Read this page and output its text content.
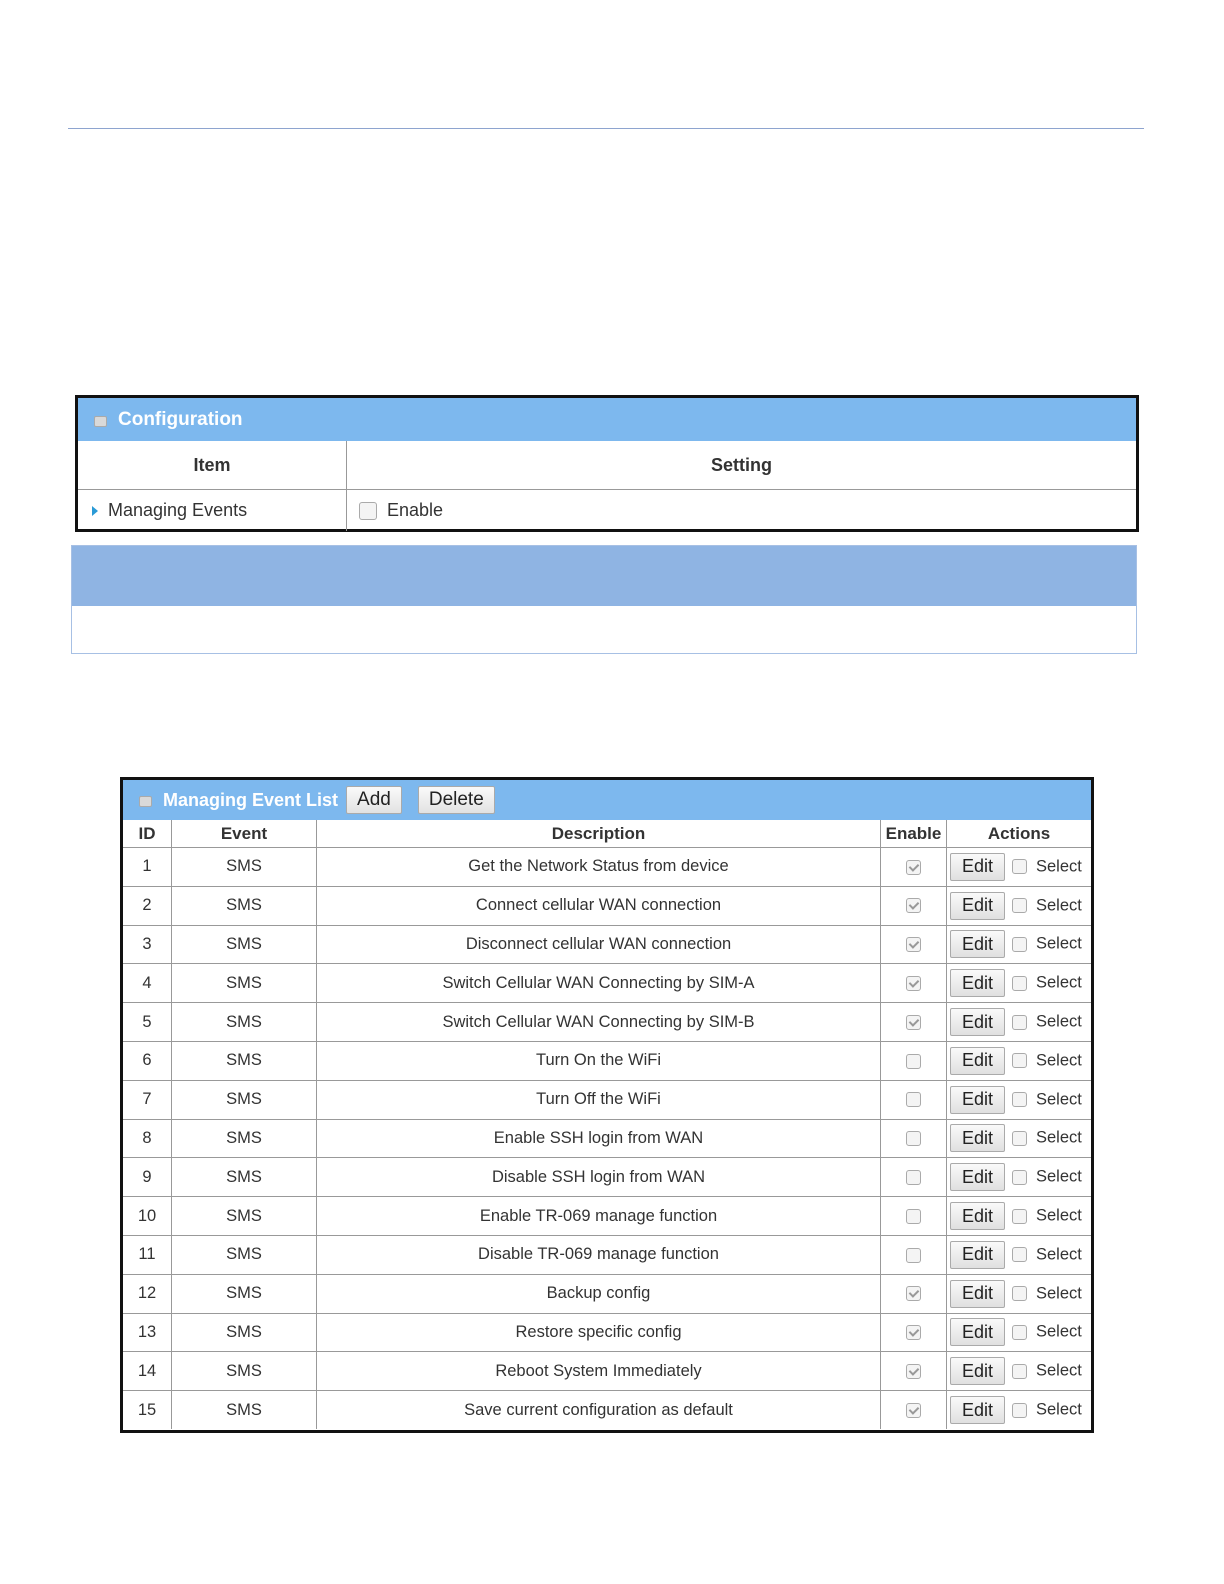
Configuration
Item	Setting
Managing Events	Enable
Managing Event List	Add	Delete
ID	Event	Description	Enable	Actions
1	SMS	Get the Network Status from device		Edit Select
2	SMS	Connect cellular WAN connection		Edit Select
3	SMS	Disconnect cellular WAN connection		Edit Select
4	SMS	Switch Cellular WAN Connecting by SIM-A		Edit Select
5	SMS	Switch Cellular WAN Connecting by SIM-B		Edit Select
6	SMS	Turn On the WiFi		Edit Select
7	SMS	Turn Off the WiFi		Edit Select
8	SMS	Enable SSH login from WAN		Edit Select
9	SMS	Disable SSH login from WAN		Edit Select
10	SMS	Enable TR-069 manage function		Edit Select
11	SMS	Disable TR-069 manage function		Edit Select
12	SMS	Backup config		Edit Select
13	SMS	Restore specific config		Edit Select
14	SMS	Reboot System Immediately		Edit Select
15	SMS	Save current configuration as default		Edit Select
